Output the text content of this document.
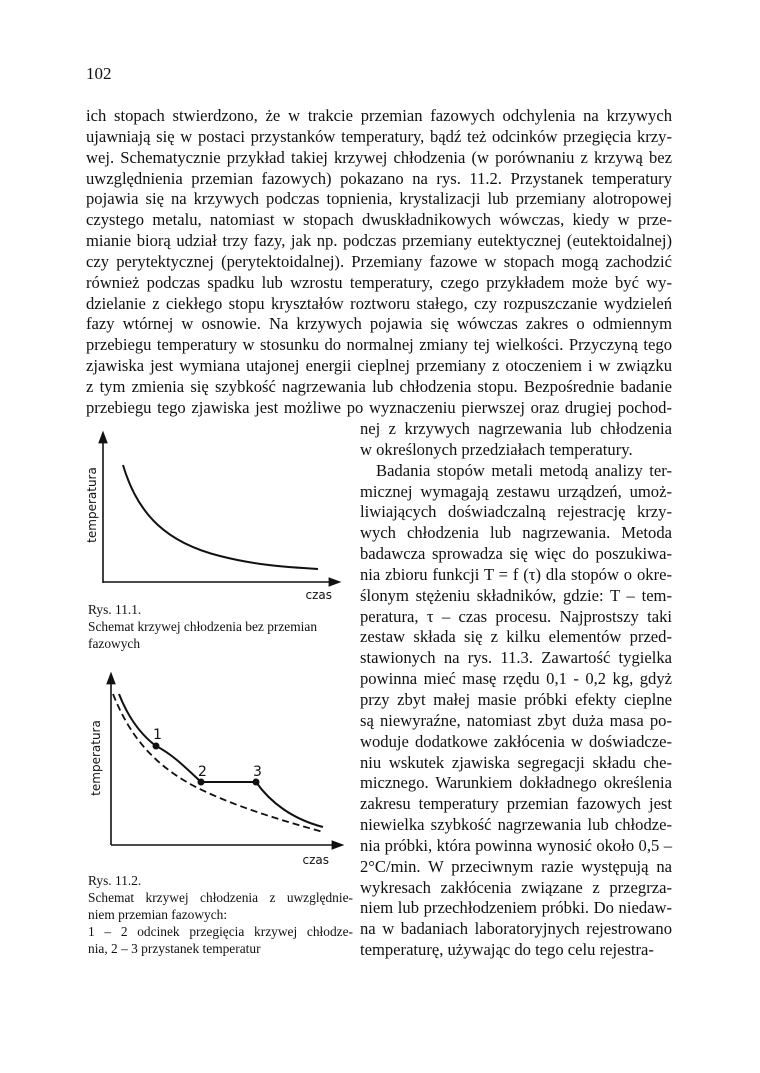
102
ich stopach stwierdzono, że w trakcie przemian fazowych odchylenia na krzywych
ujawniają się w postaci przystanków temperatury, bądź też odcinków przegięcia krzy-
wej. Schematycznie przykład takiej krzywej chłodzenia (w porównaniu z krzywą bez
uwzględnienia przemian fazowych) pokazano na rys. 11.2. Przystanek temperatury
pojawia się na krzywych podczas topnienia, krystalizacji lub przemiany alotropowej
czystego metalu, natomiast w stopach dwuskładnikowych wówczas, kiedy w prze-
mianie biorą udział trzy fazy, jak np. podczas przemiany eutektycznej (eutektoidalnej)
czy perytektycznej (perytektoidalnej). Przemiany fazowe w stopach mogą zachodzić
również podczas spadku lub wzrostu temperatury, czego przykładem może być wy-
dzielanie z ciekłego stopu kryształów roztworu stałego, czy rozpuszczanie wydzieleń
fazy wtórnej w osnowie. Na krzywych pojawia się wówczas zakres o odmiennym
przebiegu temperatury w stosunku do normalnej zmiany tej wielkości. Przyczyną tego
zjawiska jest wymiana utajonej energii cieplnej przemiany z otoczeniem i w związku
z tym zmienia się szybkość nagrzewania lub chłodzenia stopu. Bezpośrednie badanie
przebiegu tego zjawiska jest możliwe po wyznaczeniu pierwszej oraz drugiej pochod-
nej z krzywych nagrzewania lub chłodzenia
w określonych przedziałach temperatury.
Badania stopów metali metodą analizy ter-
micznej wymagają zestawu urządzeń, umoż-
liwiających doświadczalną rejestrację krzy-
wych chłodzenia lub nagrzewania. Metoda
badawcza sprowadza się więc do poszukiwa-
nia zbioru funkcji T = f (τ) dla stopów o okre-
ślonym stężeniu składników, gdzie: T – tem-
peratura, τ – czas procesu. Najprostszy taki
zestaw składa się z kilku elementów przed-
stawionych na rys. 11.3. Zawartość tygielka
powinna mieć masę rzędu 0,1 - 0,2 kg, gdyż
przy zbyt małej masie próbki efekty cieplne
są niewyraźne, natomiast zbyt duża masa po-
woduje dodatkowe zakłócenia w doświadcze-
niu wskutek zjawiska segregacji składu che-
micznego. Warunkiem dokładnego określenia
zakresu temperatury przemian fazowych jest
niewielka szybkość nagrzewania lub chłodze-
nia próbki, która powinna wynosić około 0,5 –
2°C/min. W przeciwnym razie występują na
wykresach zakłócenia związane z przegrza-
niem lub przechłodzeniem próbki. Do niedaw-
na w badaniach laboratoryjnych rejestrowano
temperaturę, używając do tego celu rejestra-
temperatura
czas
Rys. 11.1.
Schemat krzywej chłodzenia bez przemian
fazowych
1
2	3
temperatura
czas
Rys. 11.2.
Schemat krzywej chłodzenia z uwzględnie-
niem przemian fazowych:
1 – 2 odcinek przegięcia krzywej chłodze-
nia, 2 – 3 przystanek temperatur
